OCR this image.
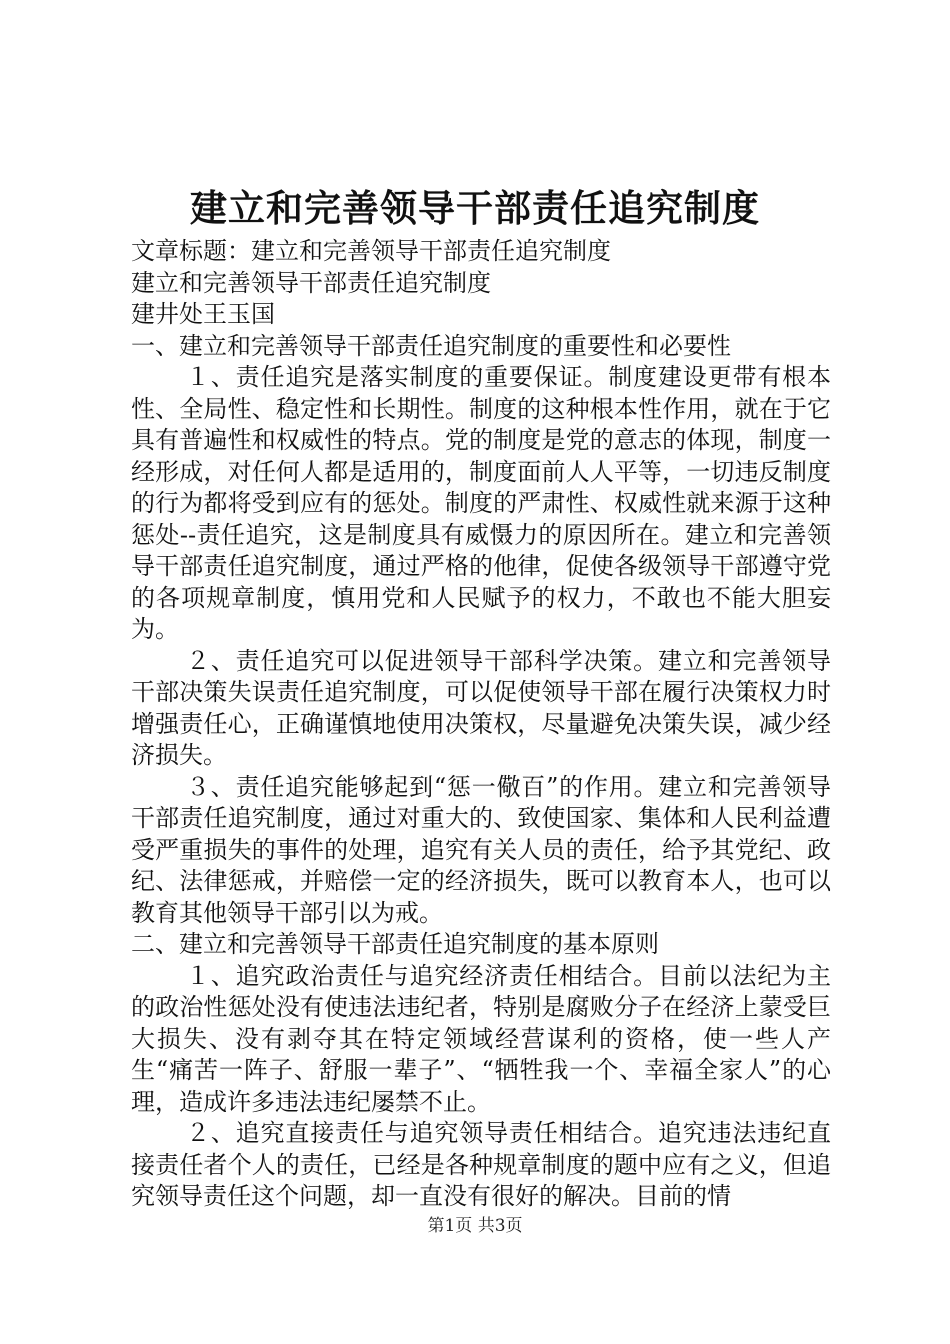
建立和完善领导干部责任追究制度

文章标题：建立和完善领导干部责任追究制度

建立和完善领导干部责任追究制度

建井处王玉国

一、建立和完善领导干部责任追究制度的重要性和必要性

１、责任追究是落实制度的重要保证。制度建设更带有根本性、全局性、稳定性和长期性。制度的这种根本性作用，就在于它具有普遍性和权威性的特点。党的制度是党的意志的体现，制度一经形成，对任何人都是适用的，制度面前人人平等，一切违反制度的行为都将受到应有的惩处。制度的严肃性、权威性就来源于这种惩处--责任追究，这是制度具有威慑力的原因所在。建立和完善领导干部责任追究制度，通过严格的他律，促使各级领导干部遵守党的各项规章制度，慎用党和人民赋予的权力，不敢也不能大胆妄为。

２、责任追究可以促进领导干部科学决策。建立和完善领导干部决策失误责任追究制度，可以促使领导干部在履行决策权力时增强责任心，正确谨慎地使用决策权，尽量避免决策失误，减少经济损失。

３、责任追究能够起到“惩一儆百”的作用。建立和完善领导干部责任追究制度，通过对重大的、致使国家、集体和人民利益遭受严重损失的事件的处理，追究有关人员的责任，给予其党纪、政纪、法律惩戒，并赔偿一定的经济损失，既可以教育本人，也可以教育其他领导干部引以为戒。

二、建立和完善领导干部责任追究制度的基本原则

１、追究政治责任与追究经济责任相结合。目前以法纪为主的政治性惩处没有使违法违纪者，特别是腐败分子在经济上蒙受巨大损失、没有剥夺其在特定领域经营谋利的资格，使一些人产生“痛苦一阵子、舒服一辈子”、“牺牲我一个、幸福全家人”的心理，造成许多违法违纪屡禁不止。

２、追究直接责任与追究领导责任相结合。追究违法违纪直接责任者个人的责任，已经是各种规章制度的题中应有之义，但追究领导责任这个问题，却一直没有很好的解决。目前的情

第1页 共3页
